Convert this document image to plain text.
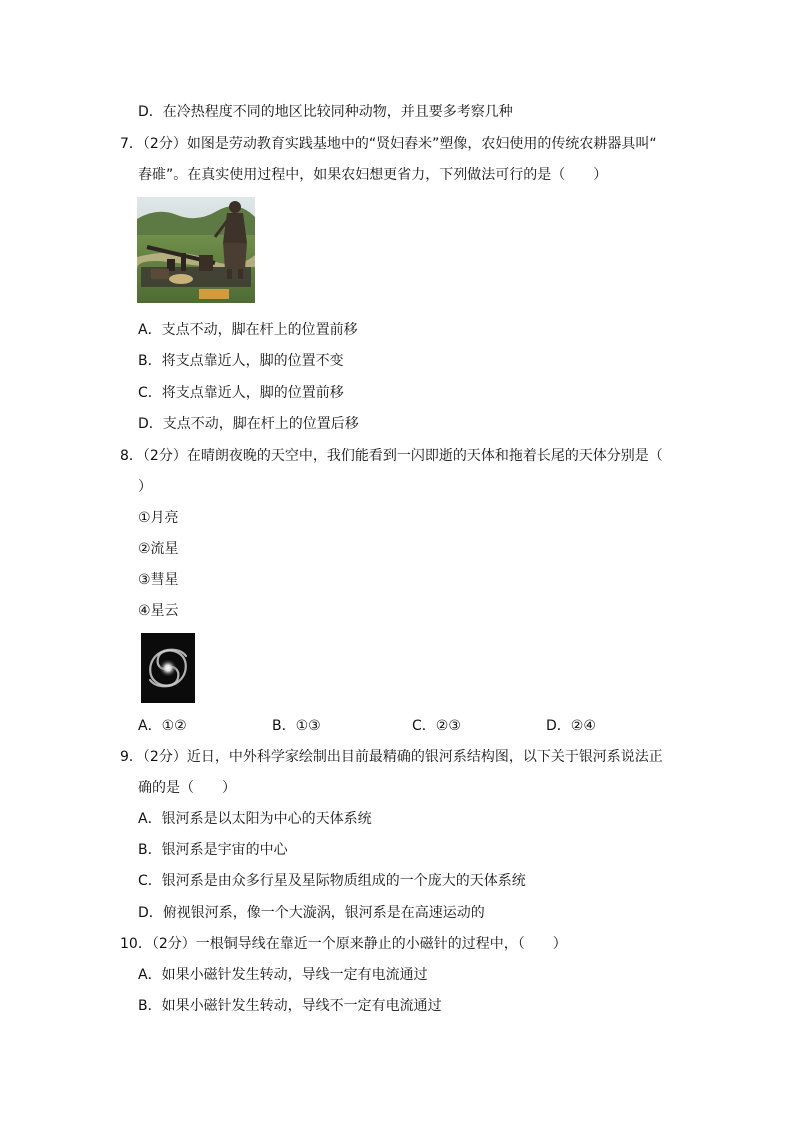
D．在冷热程度不同的地区比较同种动物，并且要多考察几种
7．（2分）如图是劳动教育实践基地中的“贤妇舂米”塑像，农妇使用的传统农耕器具叫“
舂碓”。在真实使用过程中，如果农妇想更省力，下列做法可行的是（　　）
A．支点不动，脚在杆上的位置前移
B．将支点靠近人，脚的位置不变
C．将支点靠近人，脚的位置前移
D．支点不动，脚在杆上的位置后移
8．（2分）在晴朗夜晚的天空中，我们能看到一闪即逝的天体和拖着长尾的天体分别是（
）
①月亮
②流星
③彗星
④星云
A．①②	B．①③	C．②③	D．②④
9．（2分）近日，中外科学家绘制出目前最精确的银河系结构图，以下关于银河系说法正
确的是（　　）
A．银河系是以太阳为中心的天体系统
B．银河系是宇宙的中心
C．银河系是由众多行星及星际物质组成的一个庞大的天体系统
D．俯视银河系，像一个大漩涡，银河系是在高速运动的
10．（2分）一根铜导线在靠近一个原来静止的小磁针的过程中，（　　）
A．如果小磁针发生转动，导线一定有电流通过
B．如果小磁针发生转动，导线不一定有电流通过
